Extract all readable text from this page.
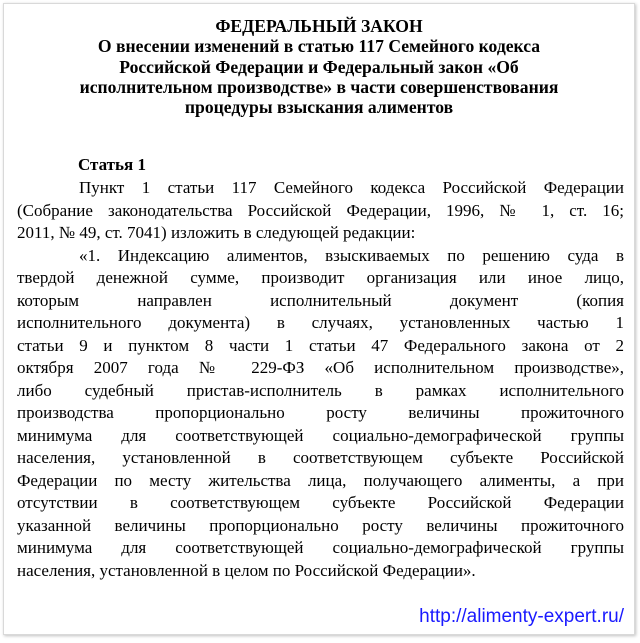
ФЕДЕРАЛЬНЫЙ ЗАКОН
О внесении изменений в статью 117 Семейного кодекса
Российской Федерации и Федеральный закон «Об
исполнительном производстве» в части совершенствования
процедуры взыскания алиментов
Статья 1
Пункт 1 статьи 117 Семейного кодекса Российской Федерации
(Собрание законодательства Российской Федерации, 1996, № 1, ст. 16;
2011, № 49, ст. 7041) изложить в следующей редакции:
«1. Индексацию алиментов, взыскиваемых по решению суда в
твердой денежной сумме, производит организация или иное лицо,
которым направлен исполнительный документ (копия
исполнительного документа) в случаях, установленных частью 1
статьи 9 и пунктом 8 части 1 статьи 47 Федерального закона от 2
октября 2007 года № 229-ФЗ «Об исполнительном производстве»,
либо судебный пристав-исполнитель в рамках исполнительного
производства пропорционально росту величины прожиточного
минимума для соответствующей социально-демографической группы
населения, установленной в соответствующем субъекте Российской
Федерации по месту жительства лица, получающего алименты, а при
отсутствии в соответствующем субъекте Российской Федерации
указанной величины пропорционально росту величины прожиточного
минимума для соответствующей социально-демографической группы
населения, установленной в целом по Российской Федерации».
http://alimenty-expert.ru/
